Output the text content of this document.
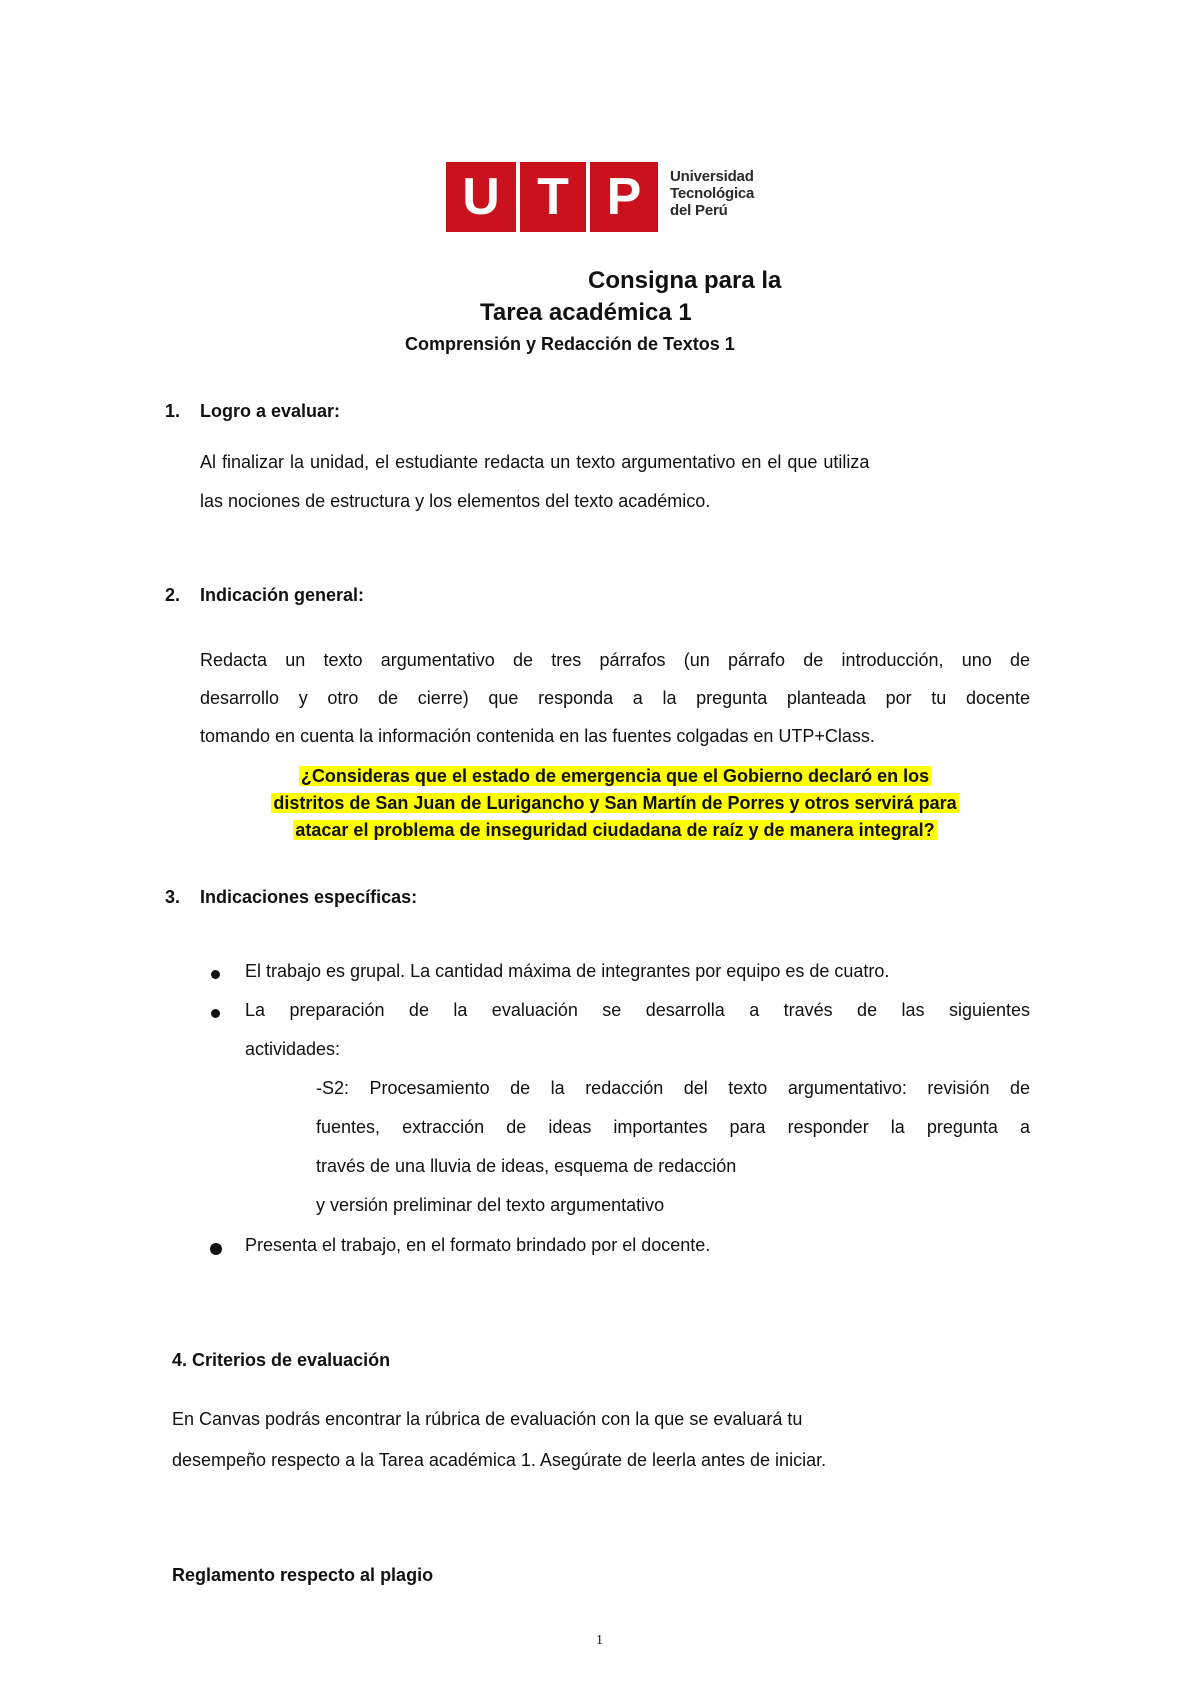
U T P	Universidad
Tecnológica
del Perú
Consigna para la
Tarea académica 1
Comprensión y Redacción de Textos 1
1. Logro a evaluar:
Al finalizar la unidad, el estudiante redacta un texto argumentativo en el que utiliza
las nociones de estructura y los elementos del texto académico.
2. Indicación general:
Redacta un texto argumentativo de tres párrafos (un párrafo de introducción, uno de
desarrollo y otro de cierre) que responda a la pregunta planteada por tu docente
tomando en cuenta la información contenida en las fuentes colgadas en UTP+Class.
¿Consideras que el estado de emergencia que el Gobierno declaró en los
distritos de San Juan de Lurigancho y San Martín de Porres y otros servirá para
atacar el problema de inseguridad ciudadana de raíz y de manera integral?
3. Indicaciones específicas:
El trabajo es grupal. La cantidad máxima de integrantes por equipo es de cuatro.
La preparación de la evaluación se desarrolla a través de las siguientes
actividades:
-S2: Procesamiento de la redacción del texto argumentativo: revisión de
fuentes, extracción de ideas importantes para responder la pregunta a
través de una lluvia de ideas, esquema de redacción
y versión preliminar del texto argumentativo
Presenta el trabajo, en el formato brindado por el docente.
4. Criterios de evaluación
En Canvas podrás encontrar la rúbrica de evaluación con la que se evaluará tu
desempeño respecto a la Tarea académica 1. Asegúrate de leerla antes de iniciar.
Reglamento respecto al plagio
1
